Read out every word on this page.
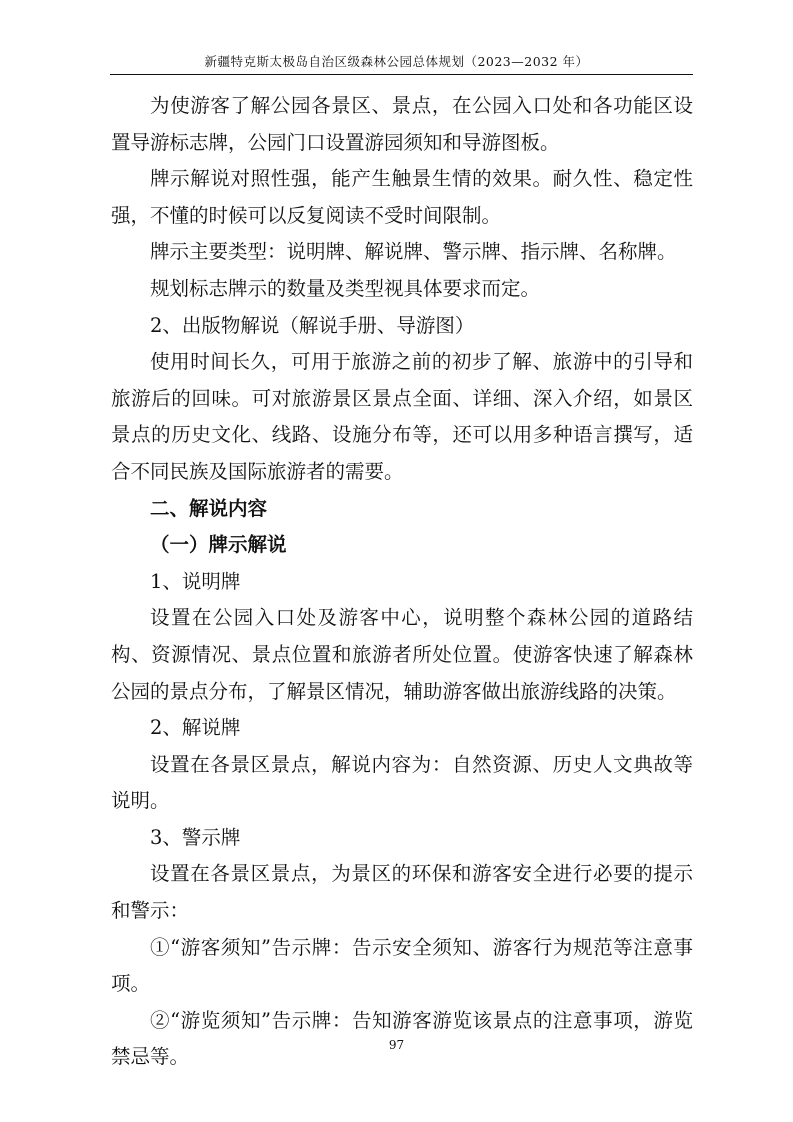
新疆特克斯太极岛自治区级森林公园总体规划（2023—2032 年）

为使游客了解公园各景区、景点，在公园入口处和各功能区设置导游标志牌，公园门口设置游园须知和导游图板。

牌示解说对照性强，能产生触景生情的效果。耐久性、稳定性强，不懂的时候可以反复阅读不受时间限制。

牌示主要类型：说明牌、解说牌、警示牌、指示牌、名称牌。

规划标志牌示的数量及类型视具体要求而定。

2、出版物解说（解说手册、导游图）

使用时间长久，可用于旅游之前的初步了解、旅游中的引导和旅游后的回味。可对旅游景区景点全面、详细、深入介绍，如景区景点的历史文化、线路、设施分布等，还可以用多种语言撰写，适合不同民族及国际旅游者的需要。

二、解说内容

（一）牌示解说

1、说明牌

设置在公园入口处及游客中心，说明整个森林公园的道路结构、资源情况、景点位置和旅游者所处位置。使游客快速了解森林公园的景点分布，了解景区情况，辅助游客做出旅游线路的决策。

2、解说牌

设置在各景区景点，解说内容为：自然资源、历史人文典故等说明。

3、警示牌

设置在各景区景点，为景区的环保和游客安全进行必要的提示和警示：

①“游客须知”告示牌：告示安全须知、游客行为规范等注意事项。

②“游览须知”告示牌：告知游客游览该景点的注意事项，游览禁忌等。

97
